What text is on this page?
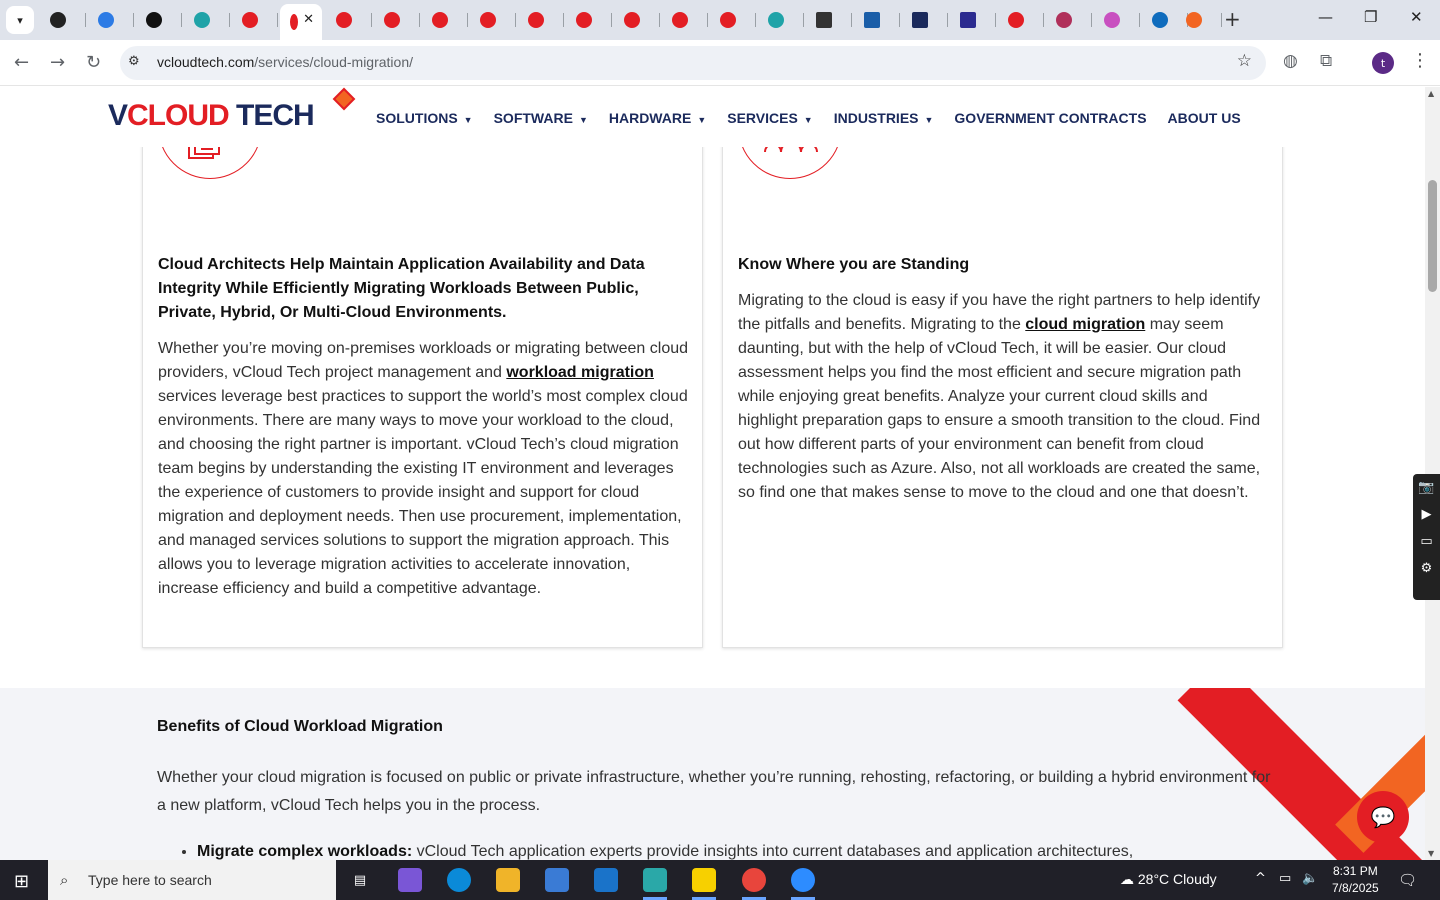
▾	✕	+	— ❐ ✕
← → ↻ ⚙ vcloudtech.com/services/cloud-migration/	☆ ◍ ⧉	t	⋮
VCLOUD TECH	SOLUTIONS ▼ SOFTWARE ▼ HARDWARE ▼ SERVICES ▼ INDUSTRIES ▼ GOVERNMENT CONTRACTS ABOUT US
Cloud Architects Help Maintain Application Availability and Data Integrity While Efficiently Migrating Workloads Between Public, Private, Hybrid, Or Multi-Cloud Environments.
Whether you’re moving on-premises workloads or migrating between cloud providers, vCloud Tech project management and workload migration services leverage best practices to support the world’s most complex cloud environments. There are many ways to move your workload to the cloud, and choosing the right partner is important. vCloud Tech’s cloud migration team begins by understanding the existing IT environment and leverages the experience of customers to provide insight and support for cloud migration and deployment needs. Then use procurement, implementation, and managed services solutions to support the migration approach. This allows you to leverage migration activities to accelerate innovation, increase efficiency and build a competitive advantage.
Know Where you are Standing
Migrating to the cloud is easy if you have the right partners to help identify the pitfalls and benefits. Migrating to the cloud migration may seem daunting, but with the help of vCloud Tech, it will be easier. Our cloud assessment helps you find the most efficient and secure migration path while enjoying great benefits. Analyze your current cloud skills and highlight preparation gaps to ensure a smooth transition to the cloud. Find out how different parts of your environment can benefit from cloud technologies such as Azure. Also, not all workloads are created the same, so find one that makes sense to move to the cloud and one that doesn’t.
Benefits of Cloud Workload Migration

Whether your cloud migration is focused on public or private infrastructure, whether you’re running, rehosting, refactoring, or building a hybrid environment for a new platform, vCloud Tech helps you in the process.

• Migrate complex workloads: vCloud Tech application experts provide insights into current databases and application architectures,
💬
📷
▶
▭
⚙
▲
▼
⊞ ⌕ Type here to search	▤	☁ 28°C Cloudy	^ ▭ 🔈 8:31 PM
7/8/2025 🗨
